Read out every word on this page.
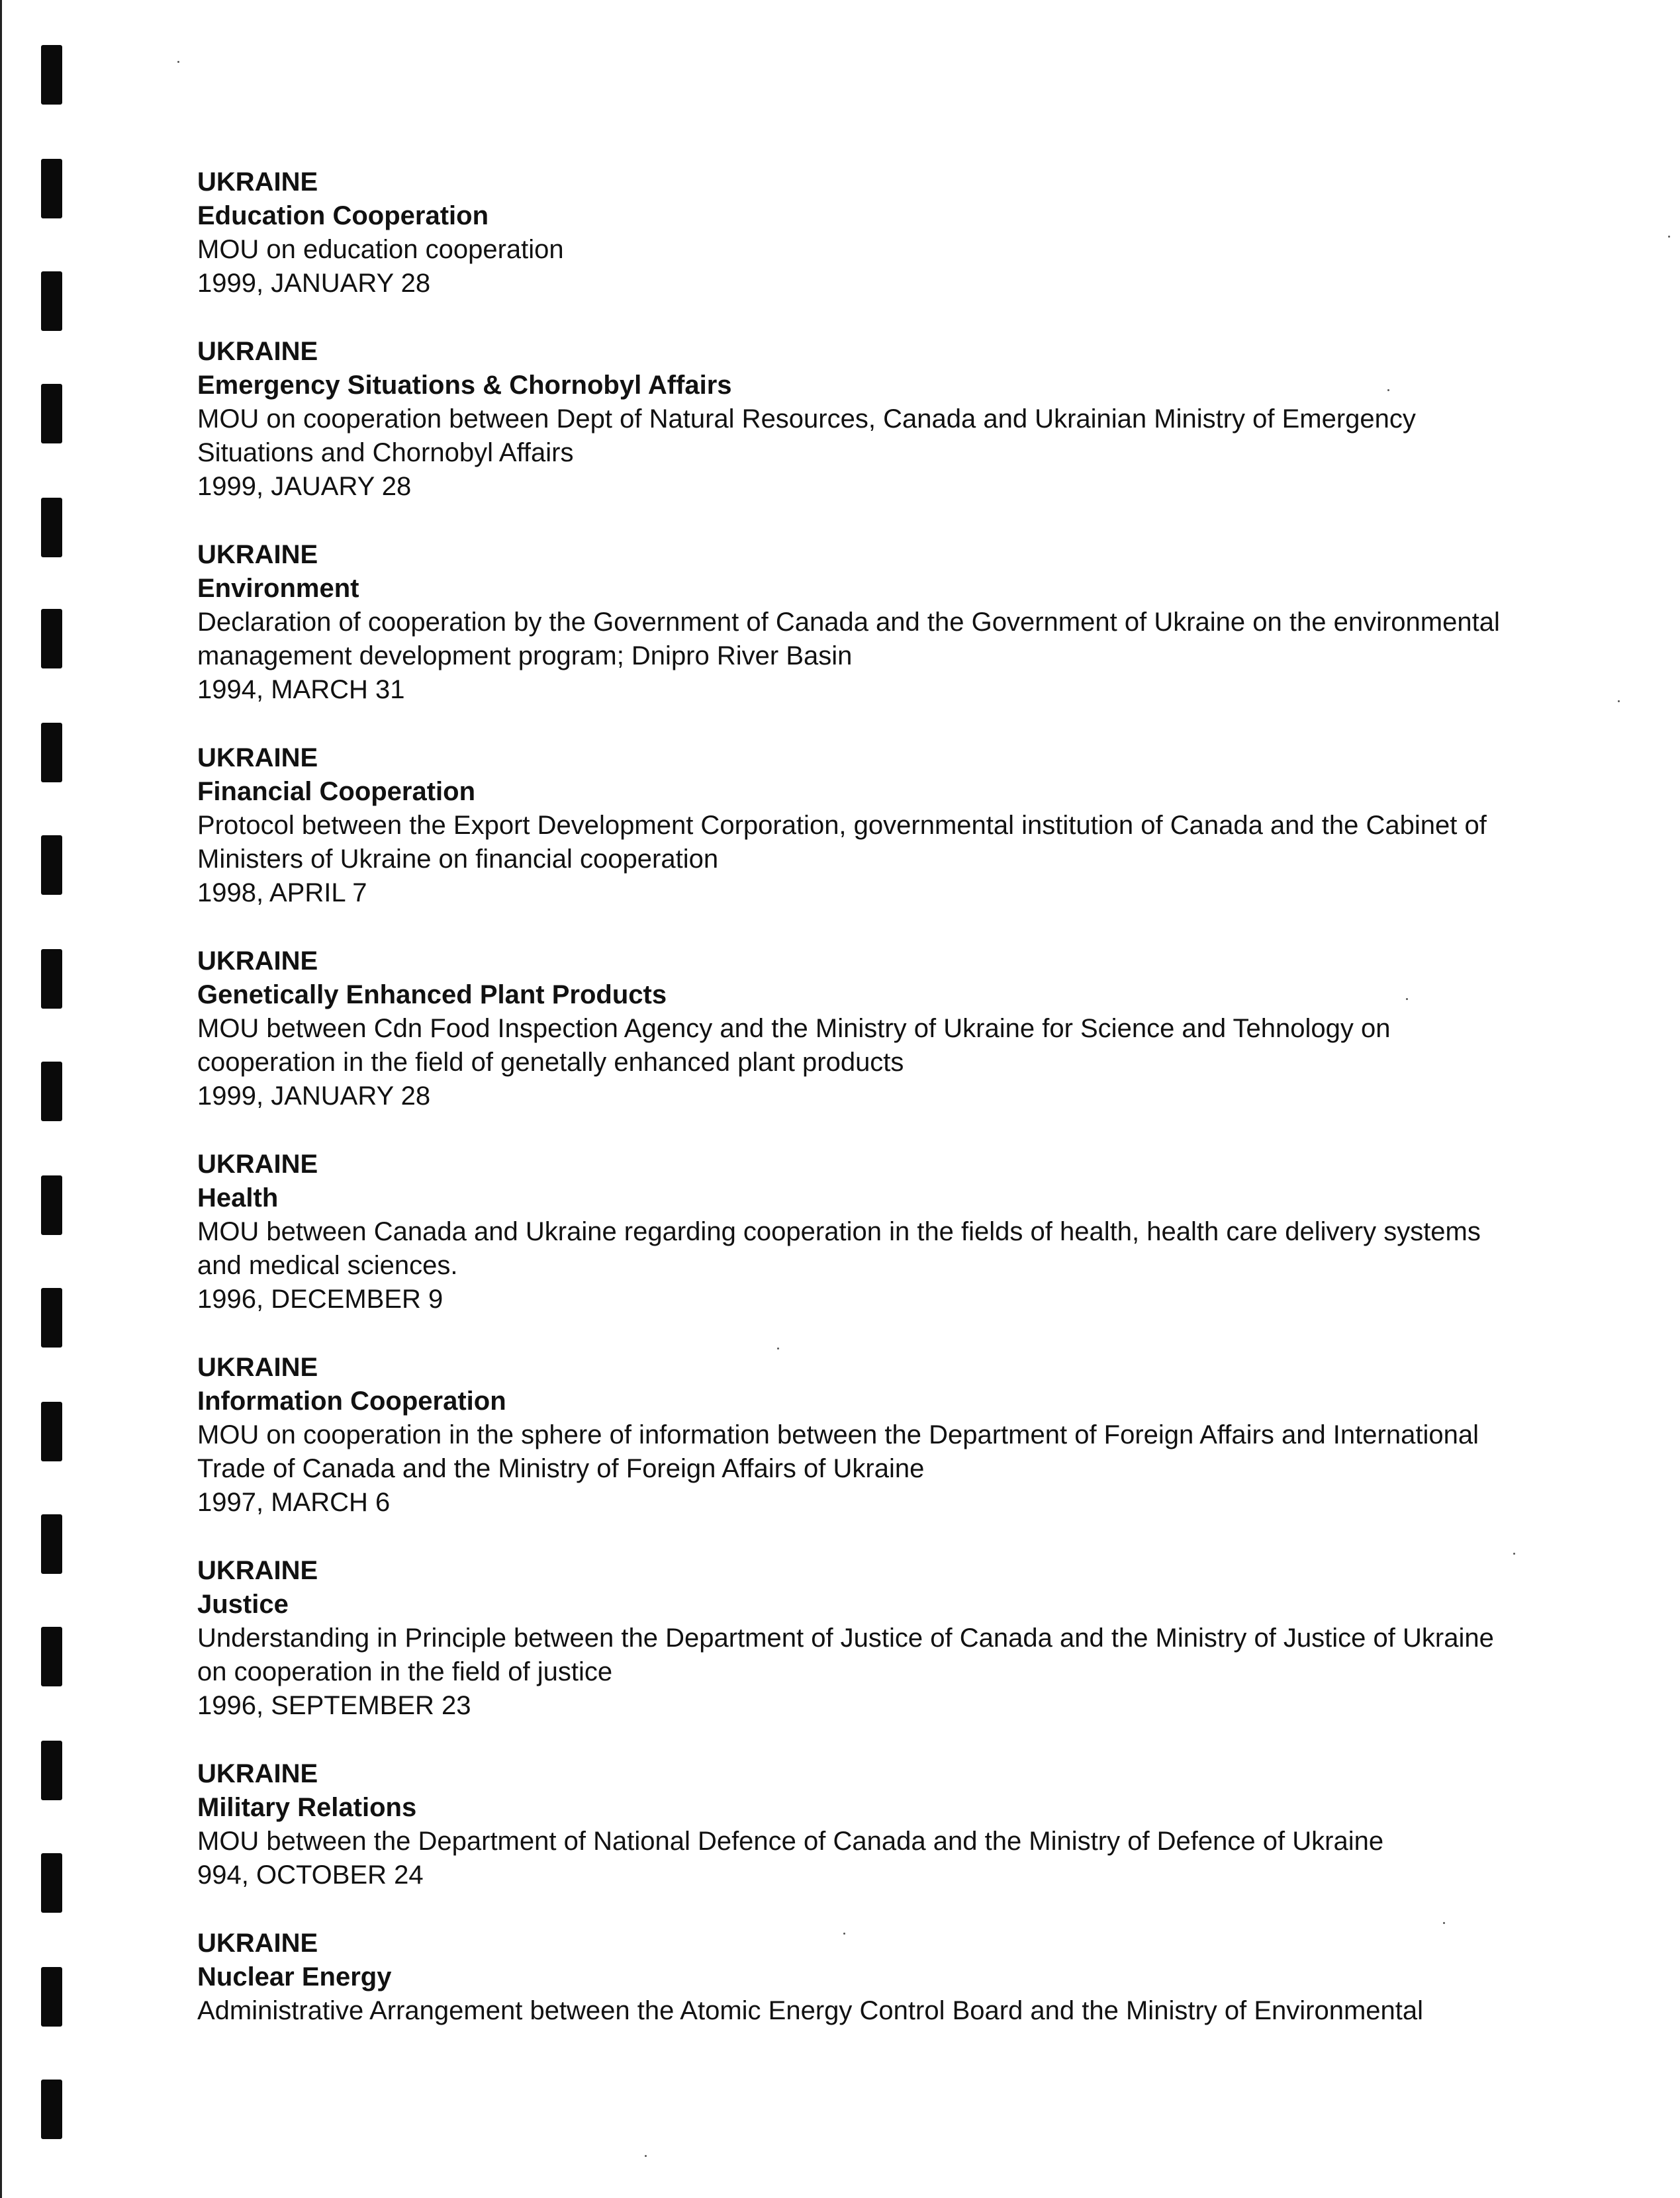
UKRAINE

Education Cooperation

MOU on education cooperation

1999, JANUARY 28

UKRAINE

Emergency Situations & Chornobyl Affairs

MOU on cooperation between Dept of Natural Resources, Canada and Ukrainian Ministry of Emergency Situations and Chornobyl Affairs

1999, JAUARY 28

UKRAINE

Environment

Declaration of cooperation by the Government of Canada and the Government of Ukraine on the environmental management development program; Dnipro River Basin

1994, MARCH 31

UKRAINE

Financial Cooperation

Protocol between the Export Development Corporation, governmental institution of Canada and the Cabinet of Ministers of Ukraine on financial cooperation

1998, APRIL 7

UKRAINE

Genetically Enhanced Plant Products

MOU between Cdn Food Inspection Agency and the Ministry of Ukraine for Science and Tehnology on cooperation in the field of genetally enhanced plant products

1999, JANUARY 28

UKRAINE

Health

MOU between Canada and Ukraine regarding cooperation in the fields of health, health care delivery systems and medical sciences.

1996, DECEMBER 9

UKRAINE

Information Cooperation

MOU on cooperation in the sphere of information between the Department of Foreign Affairs and International Trade of Canada and the Ministry of Foreign Affairs of Ukraine

1997, MARCH 6

UKRAINE

Justice

Understanding in Principle between the Department of Justice of Canada and the Ministry of Justice of Ukraine on cooperation in the field of justice

1996, SEPTEMBER 23

UKRAINE

Military Relations

MOU between the Department of National Defence of Canada and the Ministry of Defence of Ukraine

994, OCTOBER 24

UKRAINE

Nuclear Energy

Administrative Arrangement between the Atomic Energy Control Board and the Ministry of Environmental
